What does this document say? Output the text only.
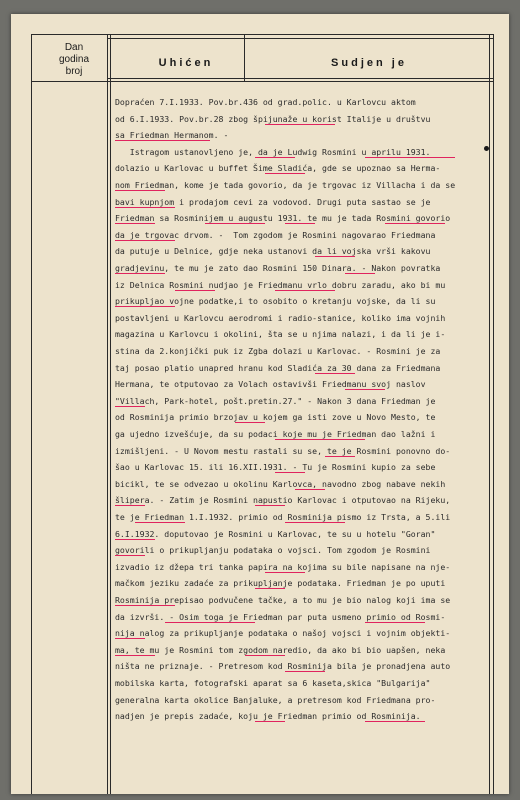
Dan
godina
broj
Uhićen	Sudjen je
Dopraćen 7.I.1933. Pov.br.436 od grad.polic. u Karlovcu aktom
od 6.I.1933. Pov.br.28 zbog špijunaže u korist Italije u društvu
sa Friedman Hermanom. -
Istragom ustanovljeno je, da je Ludwig Rosmini u aprilu 1931.
dolazio u Karlovac u buffet Šime Sladića, gde se upoznao sa Herma-
nom Friedman, kome je tada govorio, da je trgovac iz Villacha i da se
bavi kupnjom i prodajom cevi za vodovod. Drugi puta sastao se je
Friedman sa Rosminijem u augustu 1931. te mu je tada Rosmini govorio
da je trgovac drvom. -  Tom zgodom je Rosmini nagovarao Friedmana
da putuje u Delnice, gdje neka ustanovi da li vojska vrši kakovu
gradjevinu, te mu je zato dao Rosmini 150 Dinara. - Nakon povratka
iz Delnica Rosmini nudjao je Friedmanu vrlo dobru zaradu, ako bi mu
prikupljao vojne podatke,i to osobito o kretanju vojske, da li su
postavljeni u Karlovcu aerodromi i radio-stanice, koliko ima vojnih
magazina u Karlovcu i okolini, šta se u njima nalazi, i da li je i-
stina da 2.konjički puk iz Zgba dolazi u Karlovac. - Rosmini je za
taj posao platio unapred hranu kod Sladića za 30 dana za Friedmana
Hermana, te otputovao za Volach ostavivši Friedmanu svoj naslov
"Villach, Park-hotel, pošt.pretin.27." - Nakon 3 dana Friedman je
od Rosminija primio brzojav u kojem ga isti zove u Novo Mesto, te
ga ujedno izvešćuje, da su podaci koje mu je Friedman dao lažni i
izmišljeni. - U Novom mestu rastali su se, te je Rosmini ponovno do-
šao u Karlovac 15. ili 16.XII.1931. - Tu je Rosmini kupio za sebe
bicikl, te se odvezao u okolinu Karlovca, navodno zbog nabave nekih
šlipera. - Zatim je Rosmini napustio Karlovac i otputovao na Rijeku,
te je Friedman 1.I.1932. primio od Rosminija pismo iz Trsta, a 5.ili
6.I.1932. doputovao je Rosmini u Karlovac, te su u hotelu "Goran"
govorili o prikupljanju podataka o vojsci. Tom zgodom je Rosmini
izvadio iz džepa tri tanka papira na kojima su bile napisane na nje-
mačkom jeziku zadaće za prikupljanje podataka. Friedman je po uputi
Rosminija prepisao podvučene tačke, a to mu je bio nalog koji ima se
da izvrši. - Osim toga je Friedman par puta usmeno primio od Rosmi-
nija nalog za prikupljanje podataka o našoj vojsci i vojnim objekti-
ma, te mu je Rosmini tom zgodom naredio, da ako bi bio uapšen, neka
ništa ne priznaje. - Pretresom kod Rosminija bila je pronadjena auto
mobilska karta, fotografski aparat sa 6 kaseta,skica "Bulgarija"
generalna karta okolice Banjaluke, a pretresom kod Friedmana pro-
nadjen je prepis zadaće, koju je Friedman primio od Rosminija.
